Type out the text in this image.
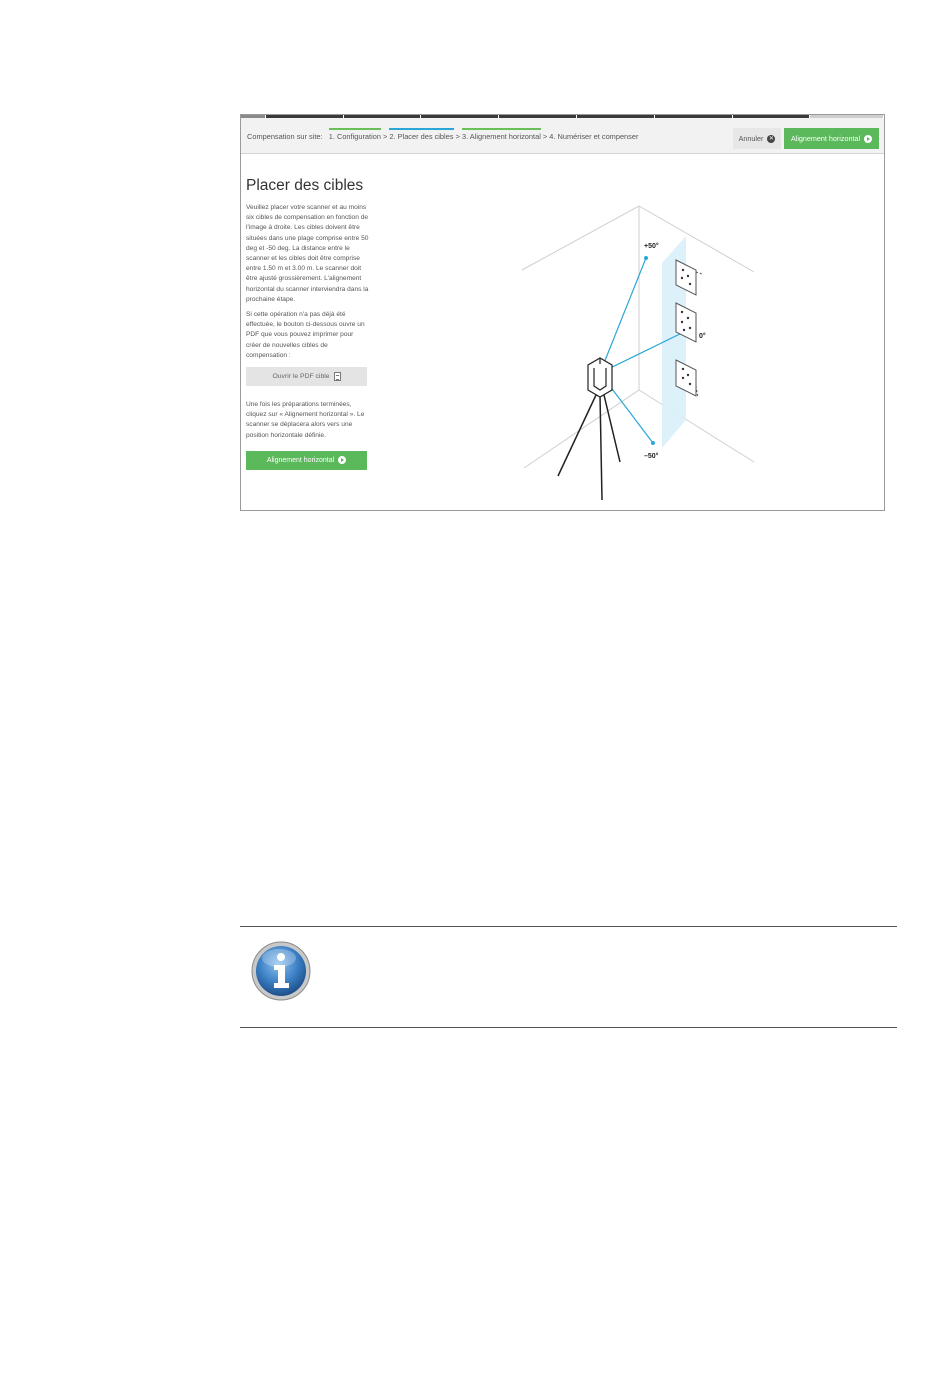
Compensation sur site: 1. Configuration > 2. Placer des cibles > 3. Alignement horizontal > 4. Numériser et compenser	Annuler ✕ Alignement horizontal
Placer des cibles

Veuillez placer votre scanner et au moins six cibles de compensation en fonction de l'image à droite. Les cibles doivent être situées dans une plage comprise entre 50 deg et -50 deg. La distance entre le scanner et les cibles doit être comprise entre 1.50 m et 3.00 m. Le scanner doit être ajusté grossièrement. L'alignement horizontal du scanner interviendra dans la prochaine étape.

Si cette opération n'a pas déjà été effectuée, le bouton ci-dessous ouvre un PDF que vous pouvez imprimer pour créer de nouvelles cibles de compensation :

Ouvrir le PDF cible

Une fois les préparations terminées, cliquez sur « Alignement horizontal ». Le scanner se déplacera alors vers une position horizontale définie.

Alignement horizontal
+50°
0°
–50°
